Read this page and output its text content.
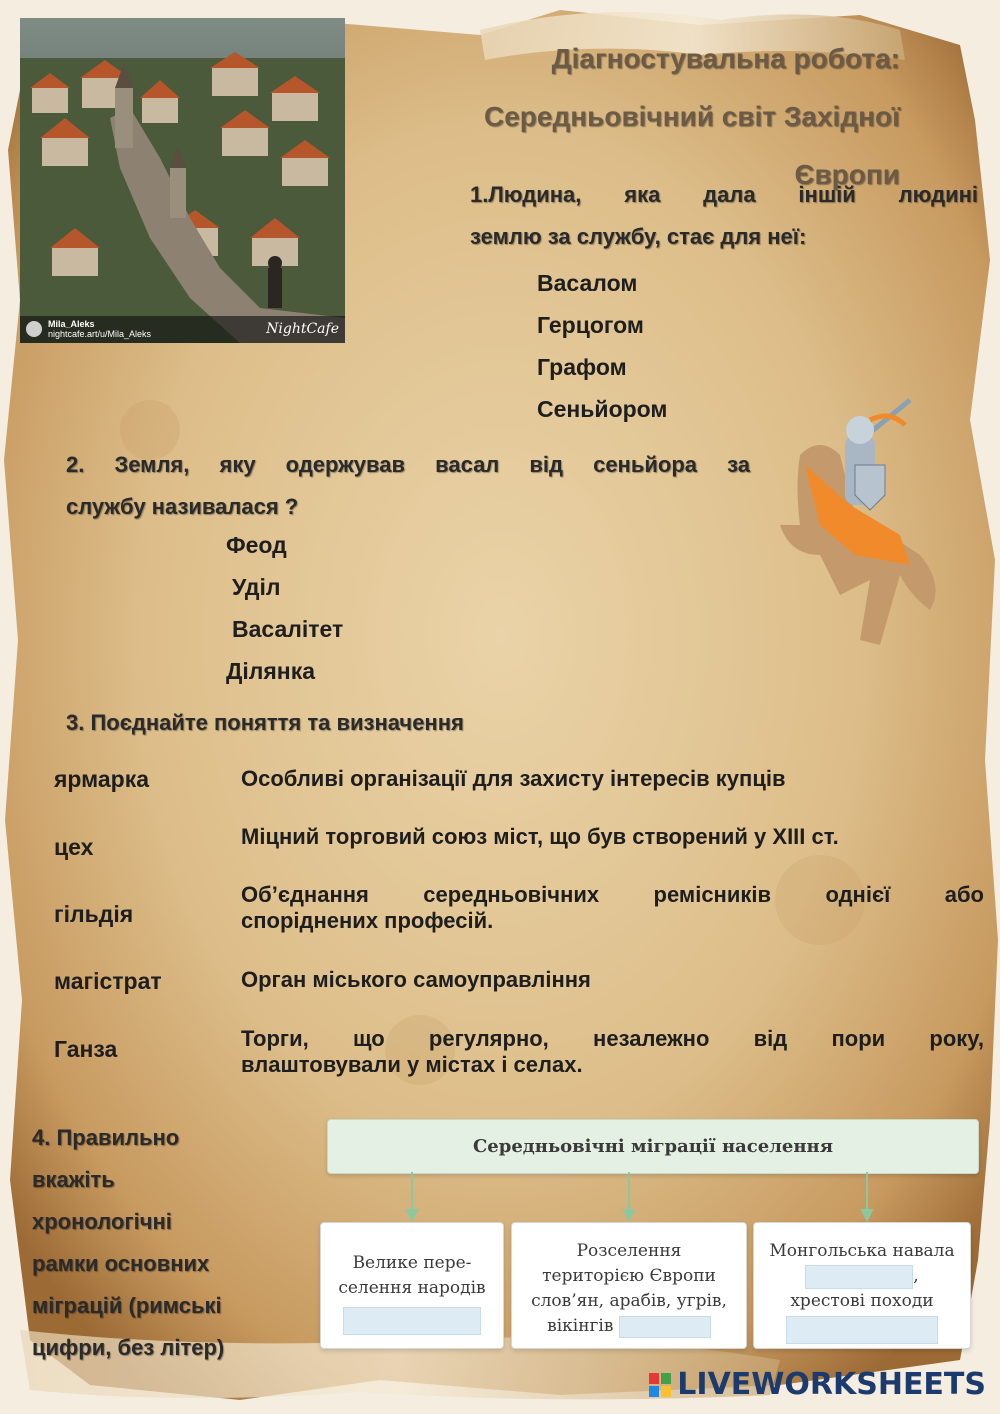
Mila_Aleks
nightcafe.art/u/Mila_Aleks	NightCafe
Діагностувальна робота:
Середньовічний світ Західної
Європи
1.Людина, яка дала іншій людині
землю за службу, стає для неї:
Васалом
Герцогом
Графом
Сеньйором
2. Земля, яку одержував васал від сеньйора за
службу називалася ?
Феод
Уділ
Васалітет
Ділянка
3. Поєднайте поняття та визначення
ярмарка
цех
гільдія
магістрат
Ганза
Особливі організації для захисту інтересів купців
Міцний торговий союз міст, що був створений у XIII ст.
Об’єднання середньовічних ремісників однієї або
споріднених професій.
Орган міського самоуправління
Торги, що регулярно, незалежно від пори року,
влаштовували у містах і селах.
4. Правильно
вкажіть
хронологічні
рамки основних
міграцій (римські
цифри, без літер)
Середньовічні міграції населення
Велике пере-
селення народів
Розселення
територією Європи
слов’ян, арабів, угрів,
вікінгів
Монгольська навала
,
хрестові походи
LIVEWORKSHEETS
